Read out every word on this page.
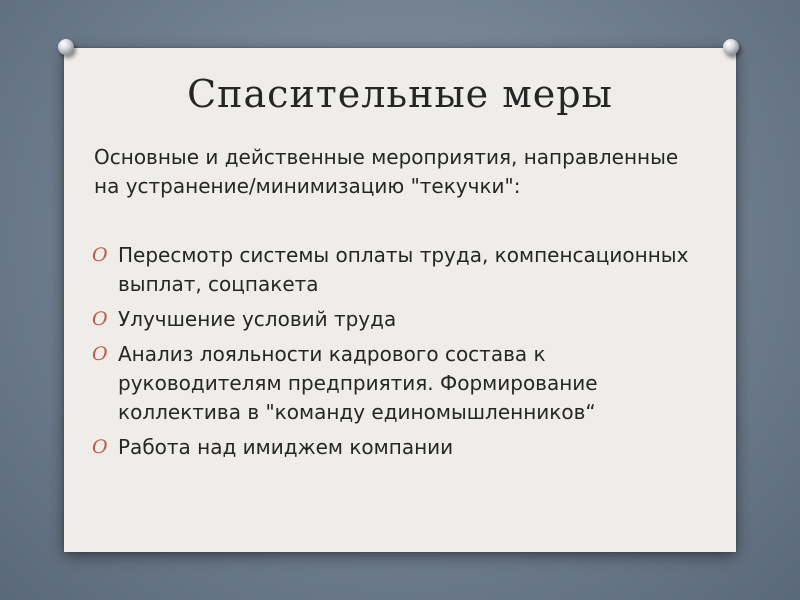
Спасительные меры

Основные и действенные мероприятия, направленные на устранение/минимизацию "текучки":

O Пересмотр системы оплаты труда, компенсационных выплат, соцпакета
O Улучшение условий труда
O Анализ лояльности кадрового состава к руководителям предприятия. Формирование коллектива в "команду единомышленников“
O Работа над имиджем компании
